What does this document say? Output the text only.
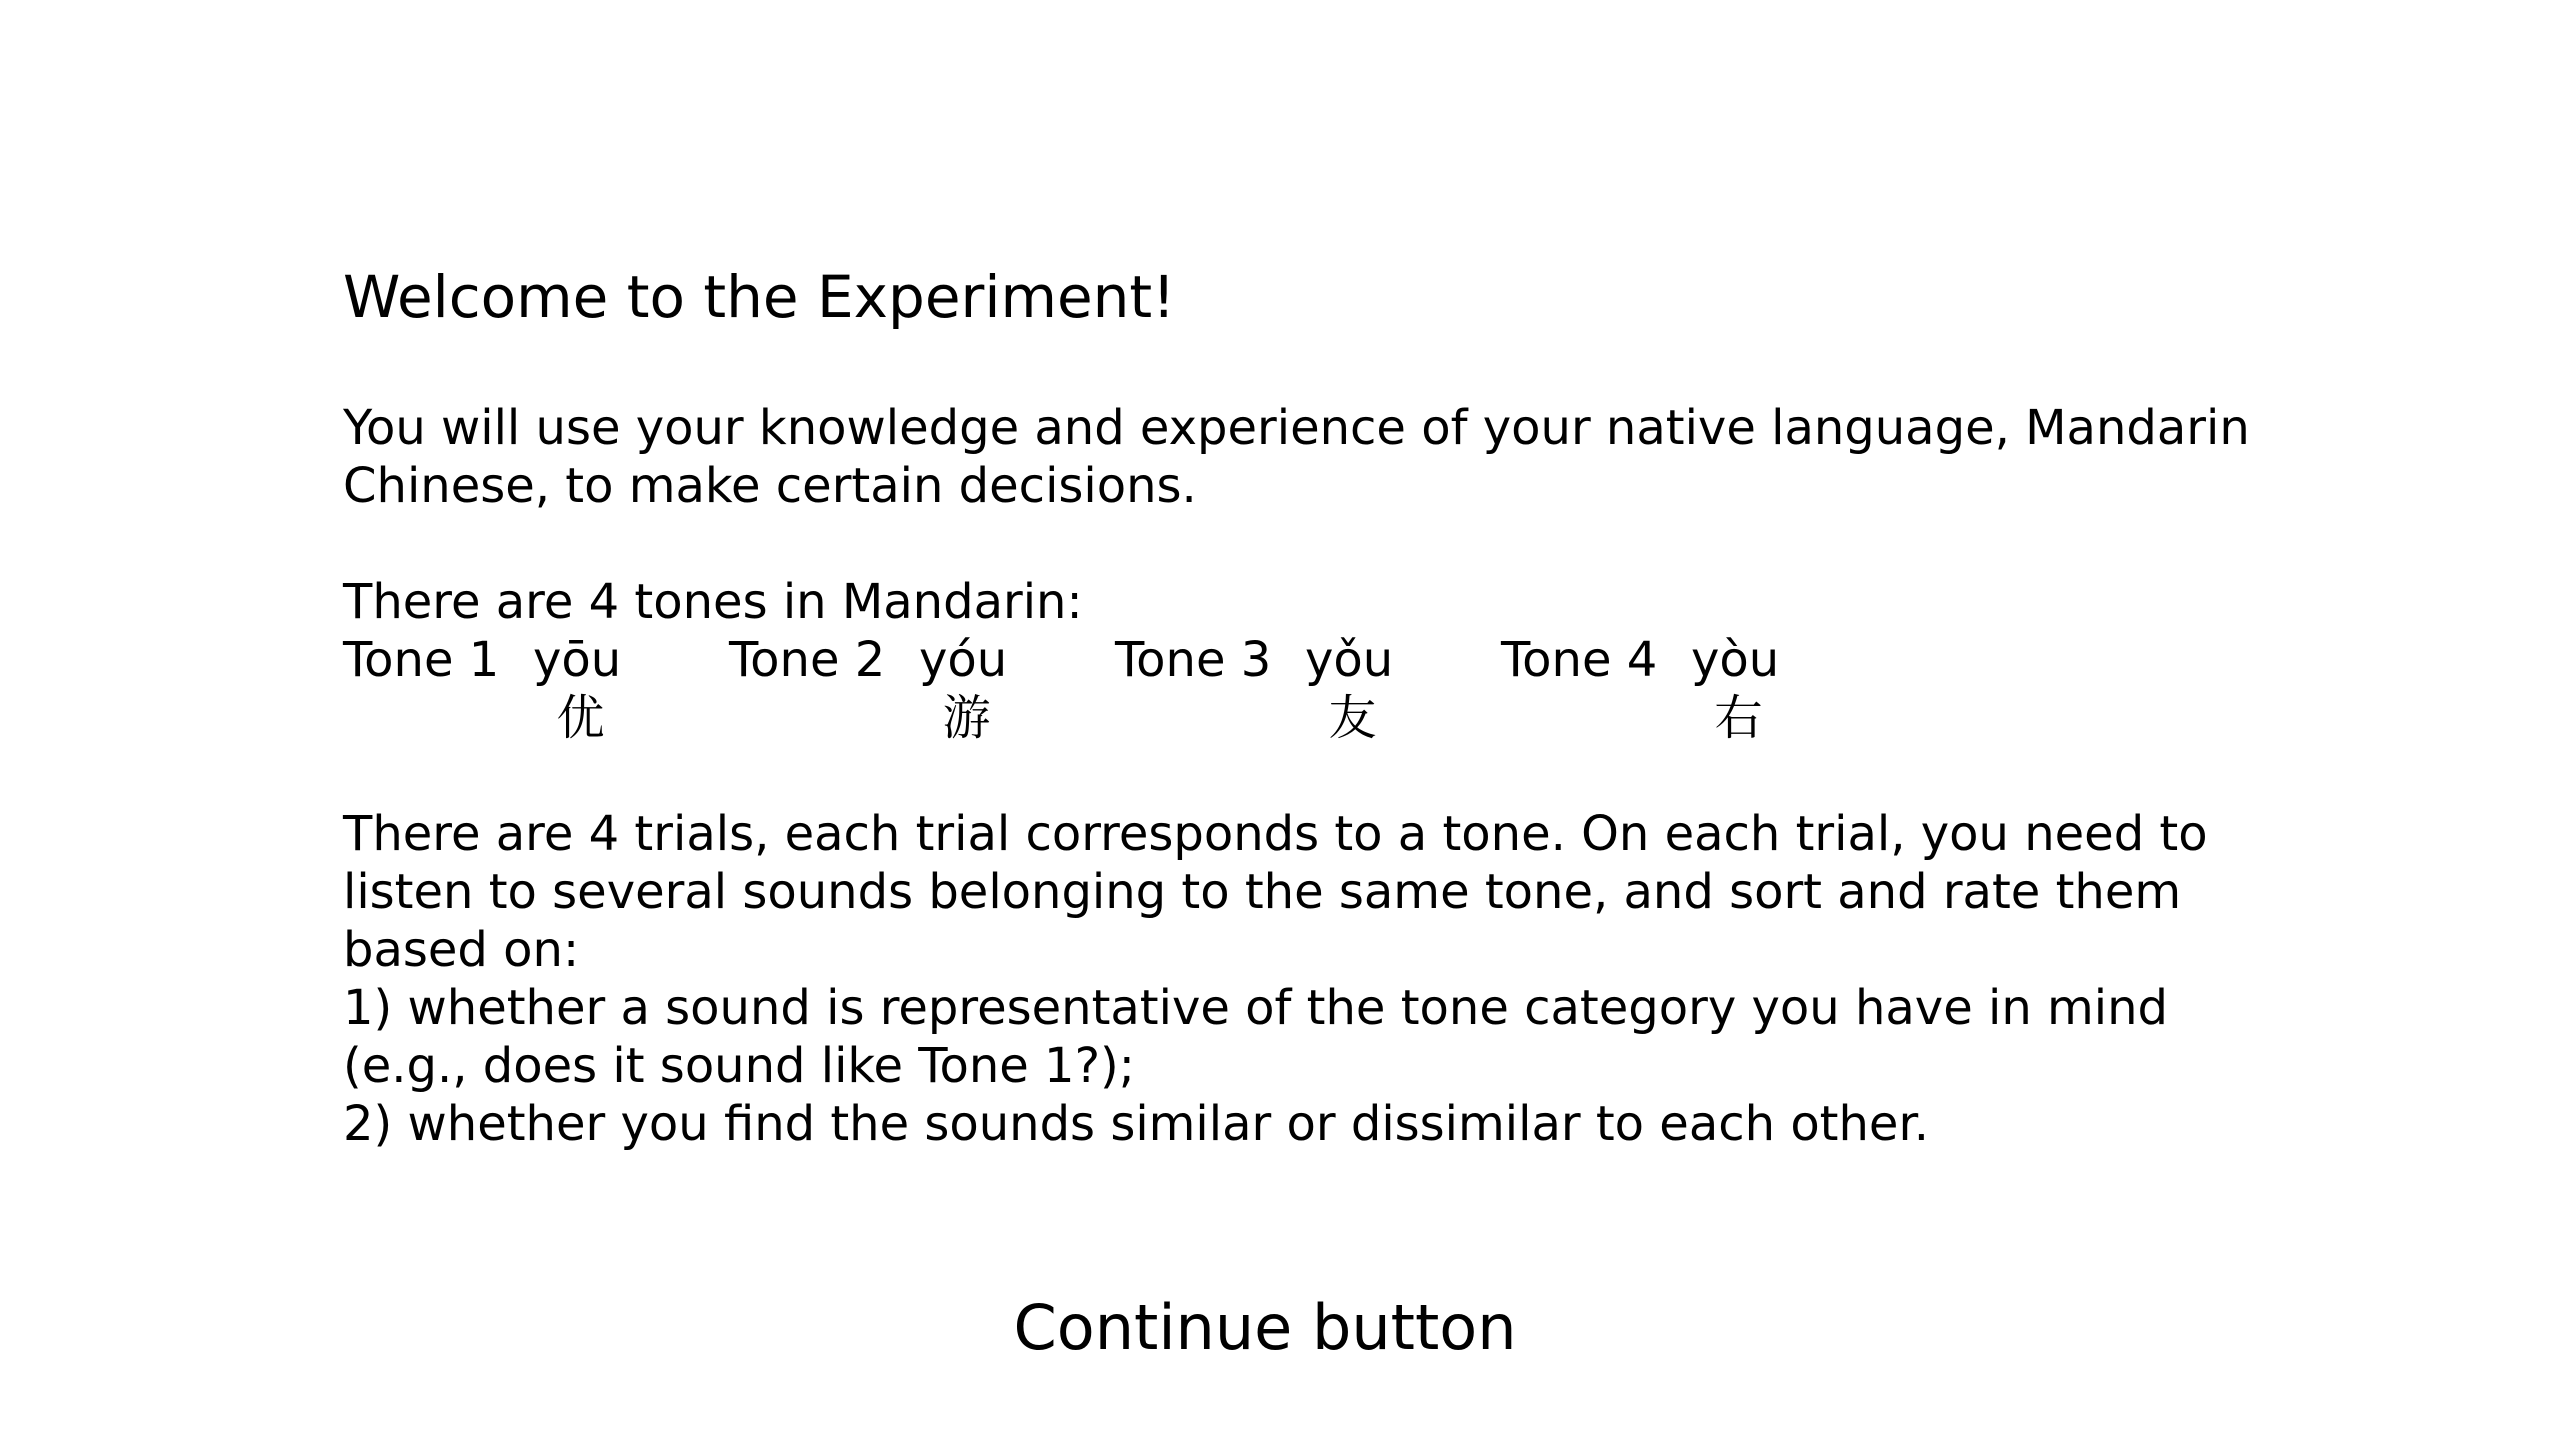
Welcome to the Experiment!

You will use your knowledge and experience of your native language, Mandarin
Chinese, to make certain decisions.

There are 4 tones in Mandarin:
Tone 1 yōu
优
Tone 2 yóu
游
Tone 3 yǒu
友
Tone 4 yòu
右

There are 4 trials, each trial corresponds to a tone. On each trial, you need to
listen to several sounds belonging to the same tone, and sort and rate them
based on:
1) whether a sound is representative of the tone category you have in mind
(e.g., does it sound like Tone 1?);
2) whether you find the sounds similar or dissimilar to each other.

Continue button
